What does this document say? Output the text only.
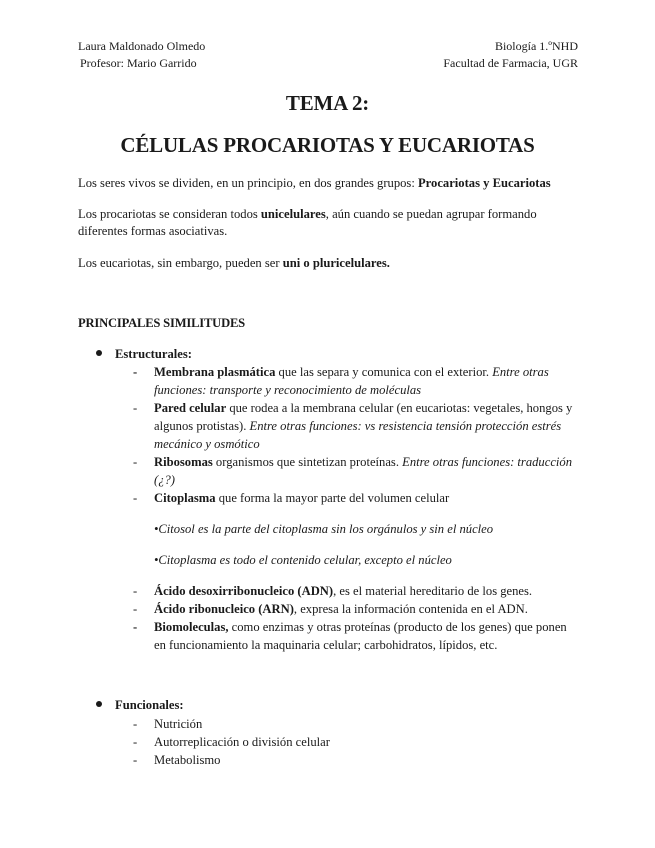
Laura Maldonado Olmedo
Profesor: Mario Garrido
Biología 1.ºNHD
Facultad de Farmacia, UGR
TEMA 2:
CÉLULAS PROCARIOTAS Y EUCARIOTAS
Los seres vivos se dividen, en un principio, en dos grandes grupos: Procariotas y Eucariotas
Los procariotas se consideran todos unicelulares, aún cuando se puedan agrupar formando diferentes formas asociativas.
Los eucariotas, sin embargo, pueden ser uni o pluricelulares.
PRINCIPALES SIMILITUDES
Estructurales:
- Membrana plasmática que las separa y comunica con el exterior. Entre otras funciones: transporte y reconocimiento de moléculas
- Pared celular que rodea a la membrana celular (en eucariotas: vegetales, hongos y algunos protistas). Entre otras funciones: vs resistencia tensión protección estrés mecánico y osmótico
- Ribosomas organismos que sintetizan proteínas. Entre otras funciones: traducción (¿?)
- Citoplasma que forma la mayor parte del volumen celular
•Citosol es la parte del citoplasma sin los orgánulos y sin el núcleo
•Citoplasma es todo el contenido celular, excepto el núcleo
- Ácido desoxirribonucleico (ADN), es el material hereditario de los genes.
- Ácido ribonucleico (ARN), expresa la información contenida en el ADN.
- Biomoleculas, como enzimas y otras proteínas (producto de los genes) que ponen en funcionamiento la maquinaria celular; carbohidratos, lípidos, etc.
Funcionales:
- Nutrición
- Autorreplicación o división celular
- Metabolismo
